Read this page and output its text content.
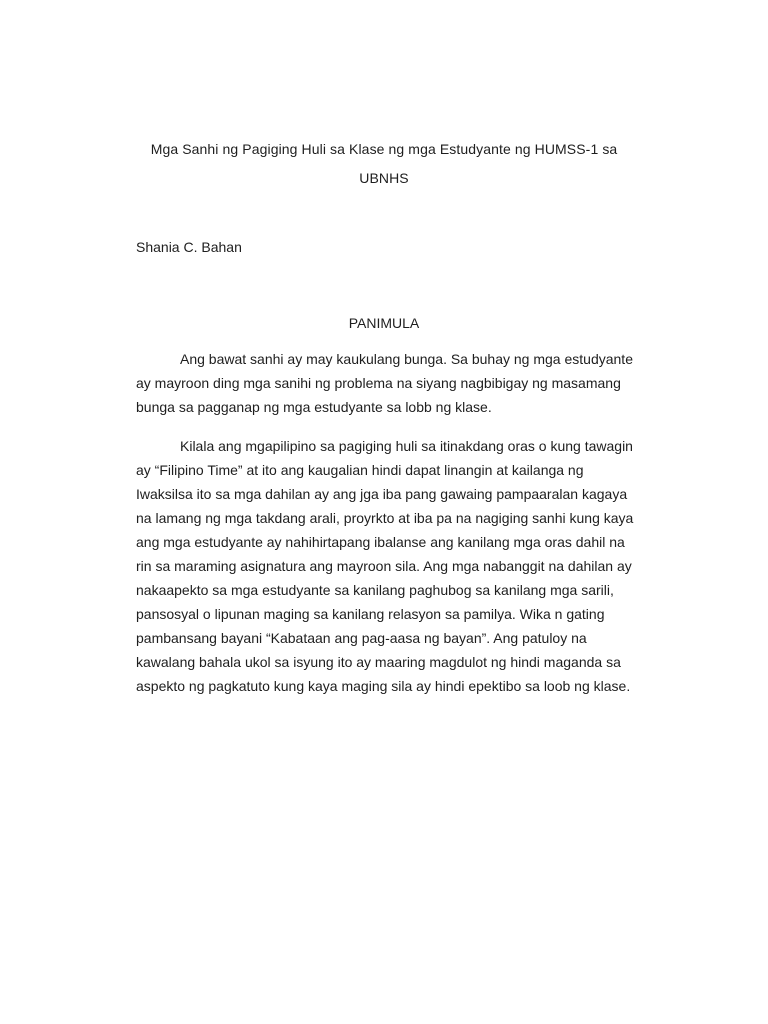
Mga Sanhi ng Pagiging Huli sa Klase ng mga Estudyante ng HUMSS-1 sa
UBNHS
Shania C. Bahan
PANIMULA

Ang bawat sanhi ay may kaukulang bunga. Sa buhay ng mga estudyante ay mayroon ding mga sanihi ng problema na siyang nagbibigay ng masamang bunga sa pagganap ng mga estudyante sa lobb ng klase.

Kilala ang mgapilipino sa pagiging huli sa itinakdang oras o kung tawagin ay “Filipino Time” at ito ang kaugalian hindi dapat linangin at kailanga ng Iwaksilsa ito sa mga dahilan ay ang jga iba pang gawaing pampaaralan kagaya na lamang ng mga takdang arali, proyrkto at iba pa na nagiging sanhi kung kaya ang mga estudyante ay nahihirtapang ibalanse ang kanilang mga oras dahil na rin sa maraming asignatura ang mayroon sila. Ang mga nabanggit na dahilan ay nakaapekto sa mga estudyante sa kanilang paghubog sa kanilang mga sarili, pansosyal o lipunan maging sa kanilang relasyon sa pamilya. Wika n gating pambansang bayani “Kabataan ang pag-aasa ng bayan”. Ang patuloy na kawalang bahala ukol sa isyung ito ay maaring magdulot ng hindi maganda sa aspekto ng pagkatuto kung kaya maging sila ay hindi epektibo sa loob ng klase.
